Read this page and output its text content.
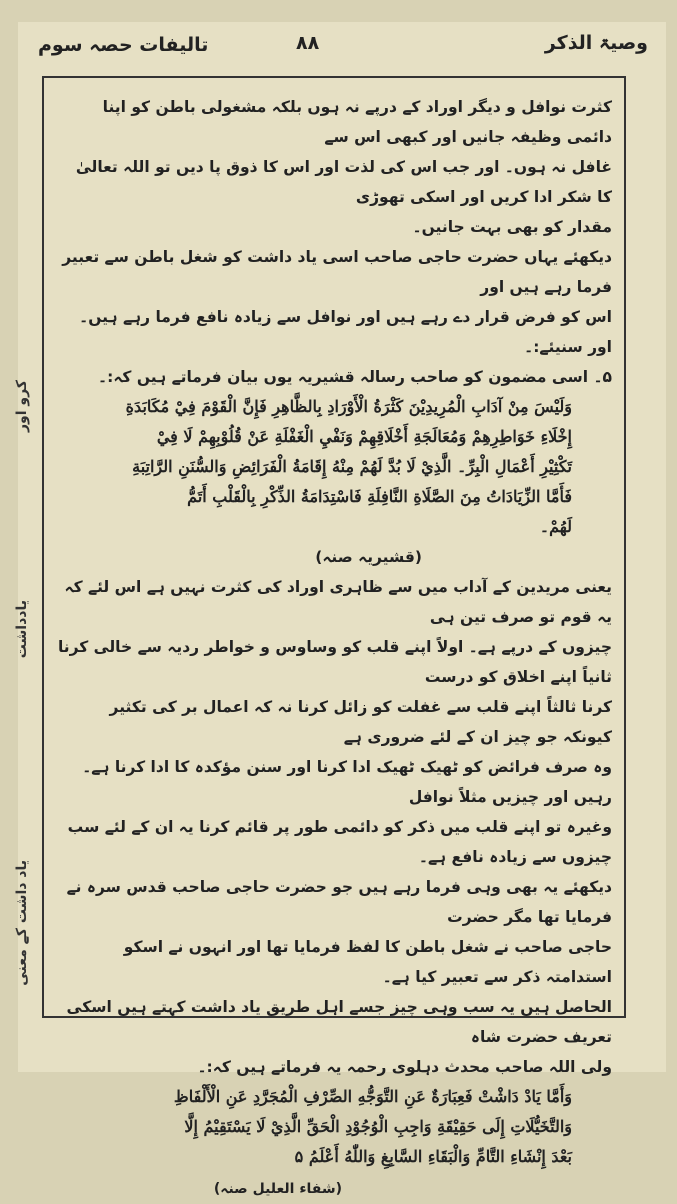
وصیۃ الذکر
۸۸
تالیفات حصہ سوم
کرو اور
یادداشت
یاد داشت کے معنی

کثرت نوافل و دیگر اوراد کے درپے نہ ہوں بلکہ مشغولی باطن کو اپنا دائمی وظیفہ جانیں اور کبھی اس سے

غافل نہ ہوں۔ اور جب اس کی لذت اور اس کا ذوق پا دیں تو اللہ تعالیٰ کا شکر ادا کریں اور اسکی تھوڑی

مقدار کو بھی بہت جانیں۔

دیکھئے یہاں حضرت حاجی صاحب اسی یاد داشت کو شغل باطن سے تعبیر فرما رہے ہیں اور

اس کو فرض قرار دے رہے ہیں اور نوافل سے زیادہ نافع فرما رہے ہیں۔ اور سنیئے:۔

۵۔ اسی مضمون کو صاحب رسالہ قشیریہ یوں بیان فرماتے ہیں کہ:۔

وَلَيْسَ مِنْ آدَابِ الْمُرِيدِيْنَ كَثْرَةُ الْأَوْرَادِ بِالظَّاهِرِ فَإِنَّ الْقَوْمَ فِيْ مُكَابَدَةِ

إِخْلَاءِ خَوَاطِرِهِمْ وَمُعَالَجَةِ أَخْلَاقِهِمْ وَنَفْيِ الْغَفْلَةِ عَنْ قُلُوْبِهِمْ لَا فِيْ

تَكْثِيْرِ أَعْمَالِ الْبِرِّ۔ الَّذِيْ لَا بُدَّ لَهُمْ مِنْهُ إِقَامَةُ الْفَرَائِضِ وَالسُّنَنِ الرَّاتِبَةِ

فَأَمَّا الزِّيَادَاتُ مِنَ الصَّلَاةِ النَّافِلَةِ فَاسْتِدَامَةُ الذِّكْرِ بِالْقَلْبِ أَتَمُّ

لَهُمْ۔

(قشیریہ صنہ)

یعنی مریدین کے آداب میں سے ظاہری اوراد کی کثرت نہیں ہے اس لئے کہ یہ قوم تو صرف تین ہی

چیزوں کے درپے ہے۔ اولاً اپنے قلب کو وساوس و خواطر ردیہ سے خالی کرنا ثانیاً اپنے اخلاق کو درست

کرنا ثالثاً اپنے قلب سے غفلت کو زائل کرنا نہ کہ اعمال بر کی تکثیر کیونکہ جو چیز ان کے لئے ضروری ہے

وہ صرف فرائض کو ٹھیک ٹھیک ادا کرنا اور سنن مؤکدہ کا ادا کرنا ہے۔ رہیں اور چیزیں مثلاً نوافل

وغیرہ تو اپنے قلب میں ذکر کو دائمی طور پر قائم کرنا یہ ان کے لئے سب چیزوں سے زیادہ نافع ہے۔

دیکھئے یہ بھی وہی فرما رہے ہیں جو حضرت حاجی صاحب قدس سرہ نے فرمایا تھا مگر حضرت

حاجی صاحب نے شغل باطن کا لفظ فرمایا تھا اور انہوں نے اسکو استدامتہ ذکر سے تعبیر کیا ہے۔

الحاصل ہیں یہ سب وہی چیز جسے اہل طریق یاد داشت کہتے ہیں اسکی تعریف حضرت شاہ

ولی اللہ صاحب محدث دہلوی رحمہ یہ فرماتے ہیں کہ:۔

وَأَمَّا يَادْ دَاشْتْ فَعِبَارَةٌ عَنِ التَّوَجُّهِ الصِّرْفِ الْمُجَرَّدِ عَنِ الْأَلْفَاظِ

وَالتَّخَيُّلَاتِ إِلَى حَقِيْقَةِ وَاجِبِ الْوُجُوْدِ الْحَقِّ الَّذِيْ لَا يَسْتَقِيْمُ إِلَّا

بَعْدَ إِنْشَاءِ التَّامِّ وَالْبَقَاءِ السَّابِغِ وَاللّٰهُ أَعْلَمُ ۵

(شفاء العلیل صنہ)
